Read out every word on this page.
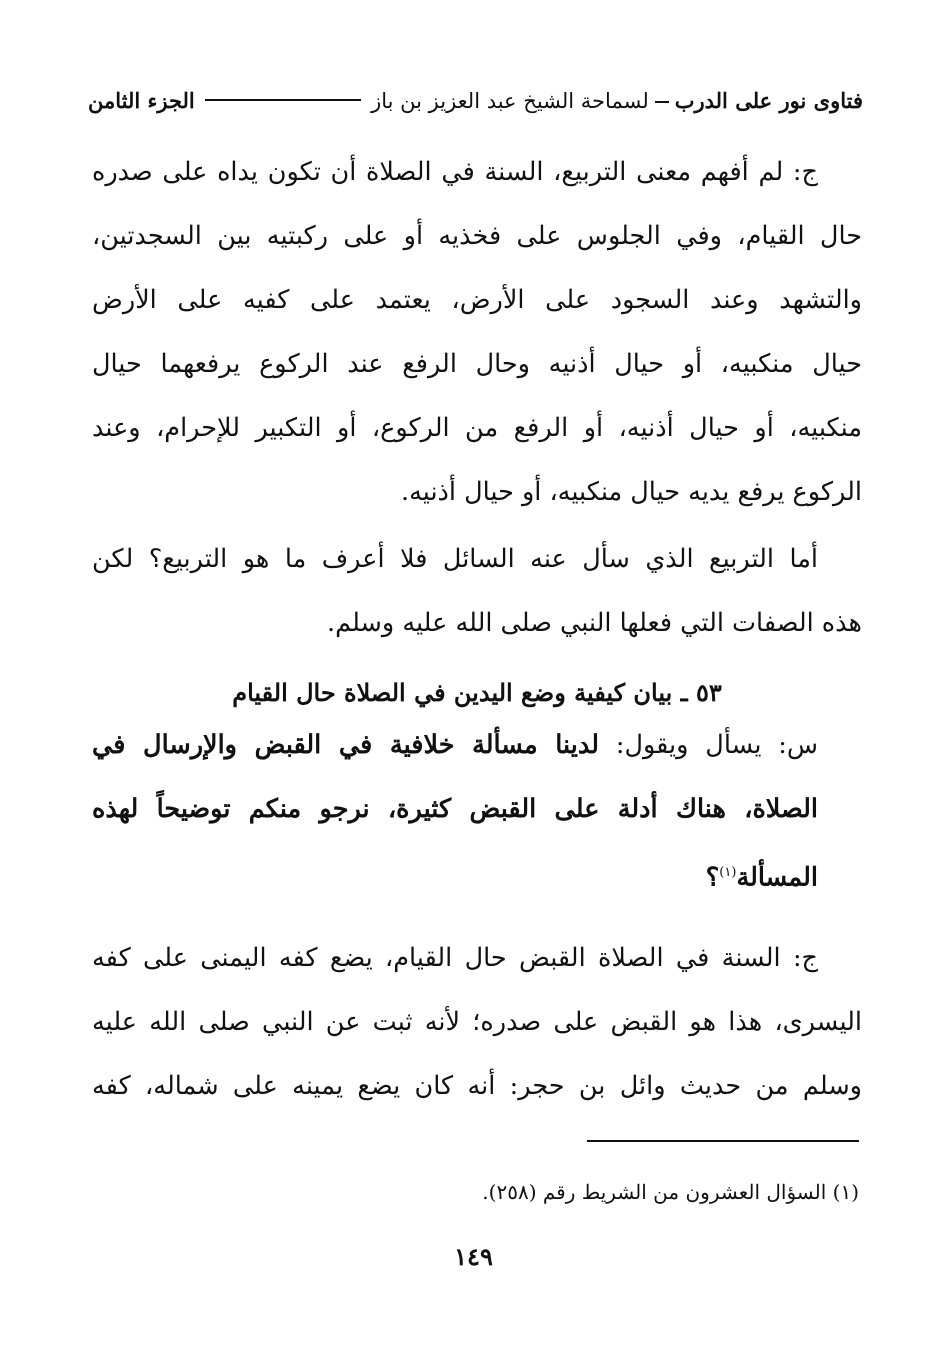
فتاوى نور على الدربلسماحة الشيخ عبد العزيز بن باز
الجزء الثامن
ج: لم أفهم معنى التربيع، السنة في الصلاة أن تكون يداه على صدره
حال القيام، وفي الجلوس على فخذيه أو على ركبتيه بين السجدتين،
والتشهد وعند السجود على الأرض، يعتمد على كفيه على الأرض
حيال منكبيه، أو حيال أذنيه وحال الرفع عند الركوع يرفعهما حيال
منكبيه، أو حيال أذنيه، أو الرفع من الركوع، أو التكبير للإحرام، وعند
الركوع يرفع يديه حيال منكبيه، أو حيال أذنيه.
أما التربيع الذي سأل عنه السائل فلا أعرف ما هو التربيع؟ لكن
هذه الصفات التي فعلها النبي صلى الله عليه وسلم.
٥٣ ـ بيان كيفية وضع اليدين في الصلاة حال القيام
س: يسأل ويقول: لدينا مسألة خلافية في القبض والإرسال في
الصلاة، هناك أدلة على القبض كثيرة، نرجو منكم توضيحاً لهذه
المسألة$^{(١)}$؟
ج: السنة في الصلاة القبض حال القيام، يضع كفه اليمنى على كفه
اليسرى، هذا هو القبض على صدره؛ لأنه ثبت عن النبي صلى الله عليه
وسلم من حديث وائل بن حجر: أنه كان يضع يمينه على شماله، كفه
(١) السؤال العشرون من الشريط رقم (٢٥٨).
١٤٩
